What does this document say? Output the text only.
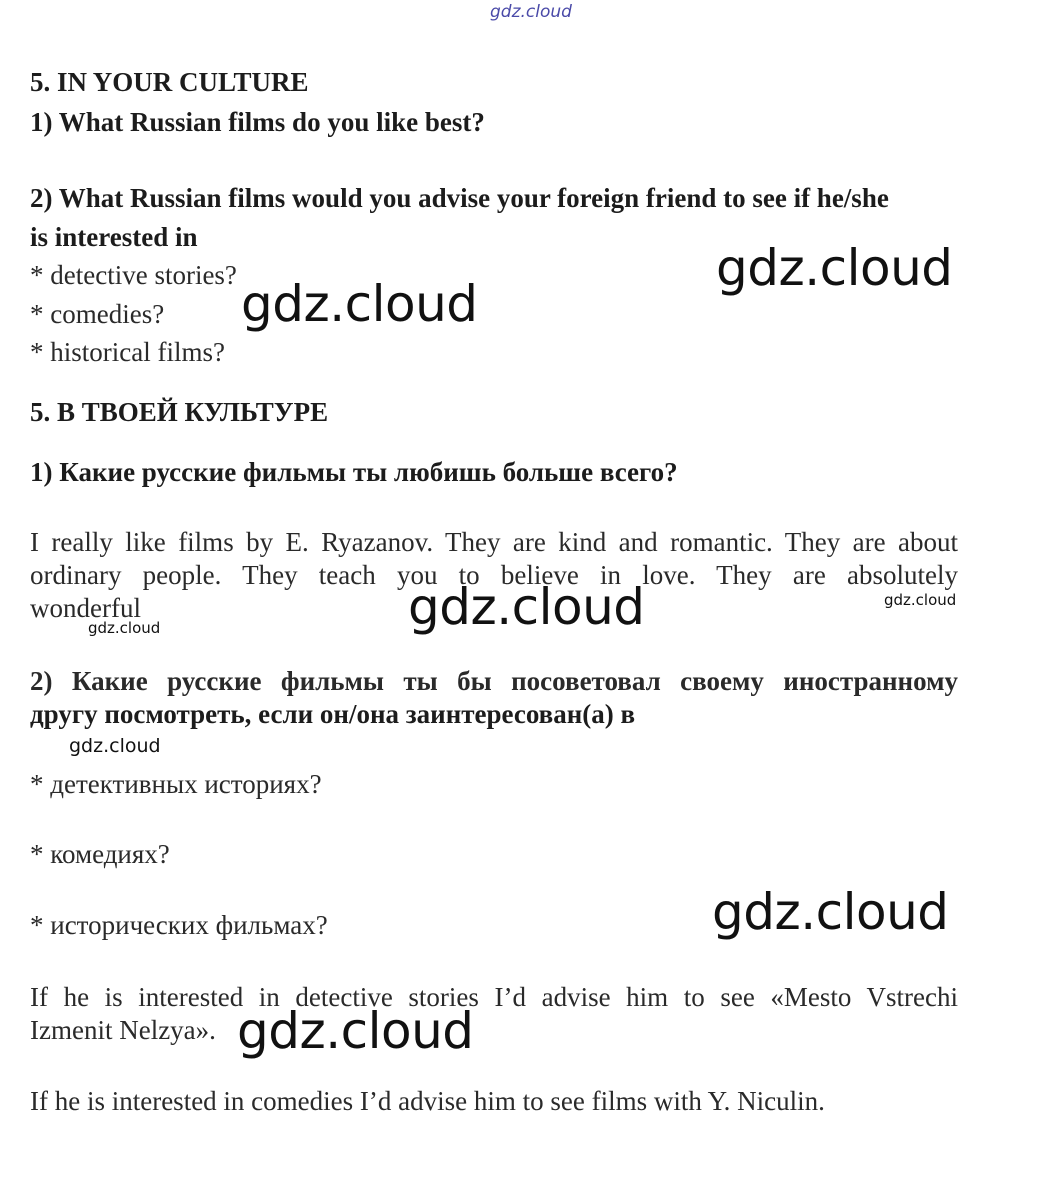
gdz.cloud
5. IN YOUR CULTURE
1) What Russian films do you like best?
2) What Russian films would you advise your foreign friend to see if he/she
is interested in
* detective stories?
* comedies?
* historical films?
5. В ТВОЕЙ КУЛЬТУРЕ
1) Какие русские фильмы ты любишь больше всего?
I really like films by E. Ryazanov. They are kind and romantic. They are about
ordinary people. They teach you to believe in love. They are absolutely
wonderful
2) Какие русские фильмы ты бы посоветовал своему иностранному
другу посмотреть, если он/она заинтересован(а) в
* детективных историях?
* комедиях?
* исторических фильмах?
If he is interested in detective stories I’d advise him to see «Mesto Vstrechi
Izmenit Nelzya».
If he is interested in comedies I’d advise him to see films with Y. Niculin.
gdz.cloud
gdz.cloud
gdz.cloud	gdz.cloud
gdz.cloud
gdz.cloud
gdz.cloud
gdz.cloud
